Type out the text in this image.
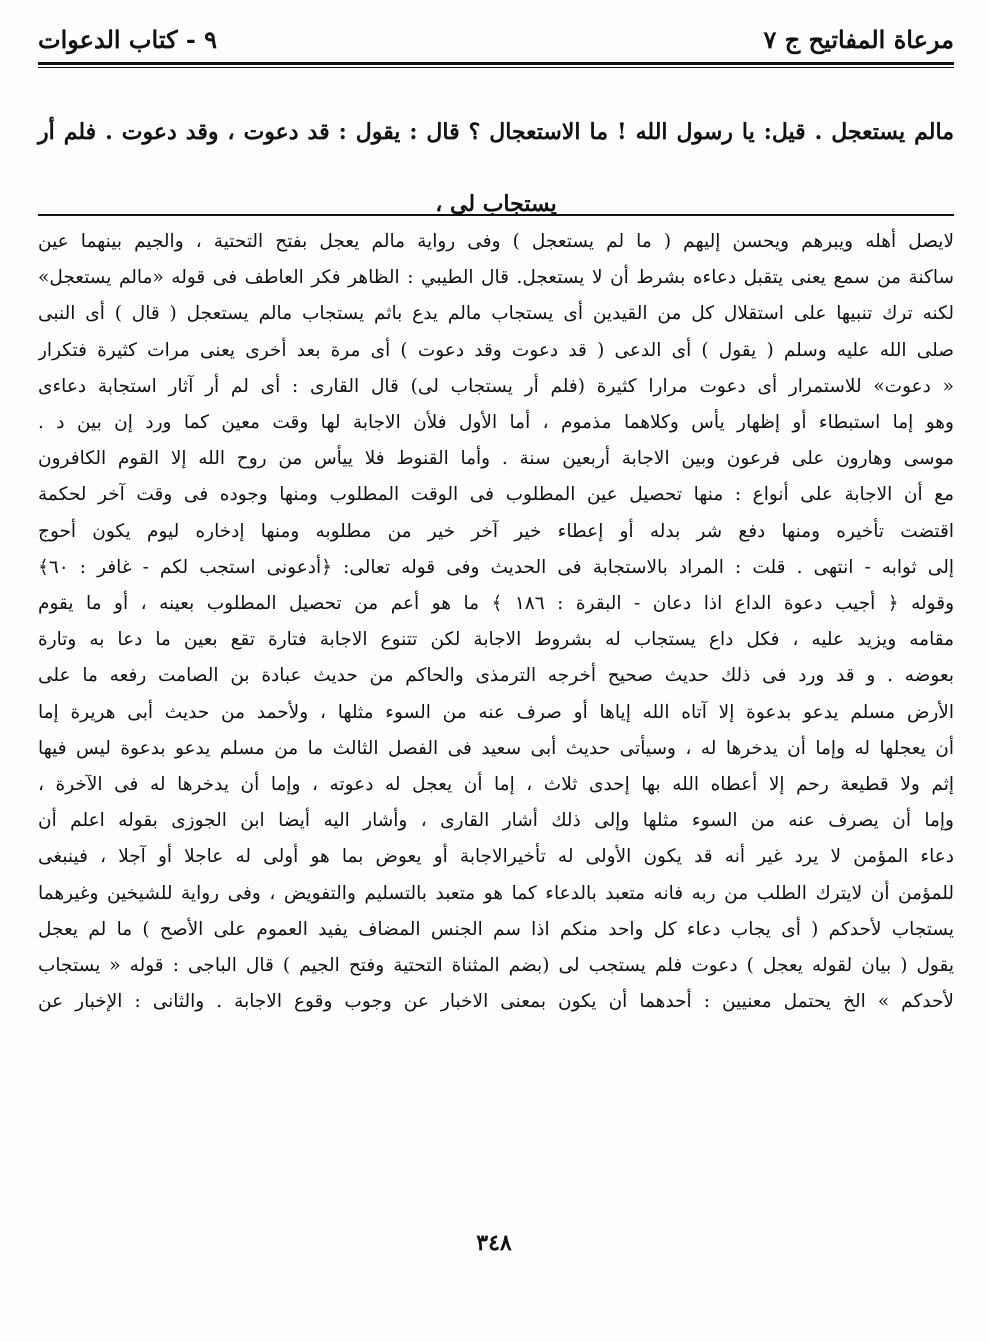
مرعاة المفاتيح ج ٧
٩ - كتاب الدعوات
مالم يستعجل . قيل: يا رسول الله ! ما الاستعجال ؟ قال : يقول : قد دعوت ، وقد دعوت . فلم أر يستجاب لى ،

لايصل أهله ويبرهم ويحسن إليهم ( ما لم يستعجل ) وفى رواية مالم يعجل بفتح التحتية ، والجيم بينهما عين

ساكنة من سمع يعنى يتقبل دعاءه بشرط أن لا يستعجل. قال الطيبي : الظاهر فكر العاطف فى قوله «مالم يستعجل»

لكنه ترك تنبيها على استقلال كل من القيدين أى يستجاب مالم يدع باثم يستجاب مالم يستعجل ( قال ) أى النبى

صلى الله عليه وسلم ( يقول ) أى الدعى ( قد دعوت وقد دعوت ) أى مرة بعد أخرى يعنى مرات كثيرة فتكرار

« دعوت» للاستمرار أى دعوت مرارا كثيرة (فلم أر يستجاب لى) قال القارى : أى لم أر آثار استجابة دعاءى

وهو إما استبطاء أو إظهار يأس وكلاهما مذموم ، أما الأول فلأن الاجابة لها وقت معين كما ورد إن بين د .

موسى وهارون على فرعون وبين الاجابة أربعين سنة . وأما القنوط فلا ييأس من روح الله إلا القوم الكافرون

مع أن الاجابة على أنواع : منها تحصيل عين المطلوب فى الوقت المطلوب ومنها وجوده فى وقت آخر لحكمة

اقتضت تأخيره ومنها دفع شر بدله أو إعطاء خير آخر خير من مطلوبه ومنها إدخاره ليوم يكون أحوج

إلى ثوابه - انتهى . قلت : المراد بالاستجابة فى الحديث وفى قوله تعالى: ﴿أدعونى استجب لكم - غافر : ٦٠﴾

وقوله ﴿ أجيب دعوة الداع اذا دعان - البقرة : ١٨٦ ﴾ ما هو أعم من تحصيل المطلوب بعينه ، أو ما يقوم

مقامه ويزيد عليه ، فكل داع يستجاب له بشروط الاجابة لكن تتنوع الاجابة فتارة تقع بعين ما دعا به وتارة

بعوضه . و قد ورد فى ذلك حديث صحيح أخرجه الترمذى والحاكم من حديث عبادة بن الصامت رفعه ما على

الأرض مسلم يدعو بدعوة إلا آتاه الله إياها أو صرف عنه من السوء مثلها ، ولأحمد من حديث أبى هريرة إما

أن يعجلها له وإما أن يدخرها له ، وسيأتى حديث أبى سعيد فى الفصل الثالث ما من مسلم يدعو بدعوة ليس فيها

إثم ولا قطيعة رحم إلا أعطاه الله بها إحدى ثلاث ، إما أن يعجل له دعوته ، وإما أن يدخرها له فى الآخرة ،

وإما أن يصرف عنه من السوء مثلها وإلى ذلك أشار القارى ، وأشار اليه أيضا ابن الجوزى بقوله اعلم أن

دعاء المؤمن لا يرد غير أنه قد يكون الأولى له تأخيرالاجابة أو يعوض بما هو أولى له عاجلا أو آجلا ، فينبغى

للمؤمن أن لايترك الطلب من ربه فانه متعبد بالدعاء كما هو متعبد بالتسليم والتفويض ، وفى رواية للشيخين وغيرهما

يستجاب لأحدكم ( أى يجاب دعاء كل واحد منكم اذا سم الجنس المضاف يفيد العموم على الأصح ) ما لم يعجل

يقول ( بيان لقوله يعجل ) دعوت فلم يستجب لى (بضم المثناة التحتية وفتح الجيم ) قال الباجى : قوله « يستجاب

لأحدكم » الخ يحتمل معنيين : أحدهما أن يكون بمعنى الاخبار عن وجوب وقوع الاجابة . والثانى : الإخبار عن

٣٤٨
